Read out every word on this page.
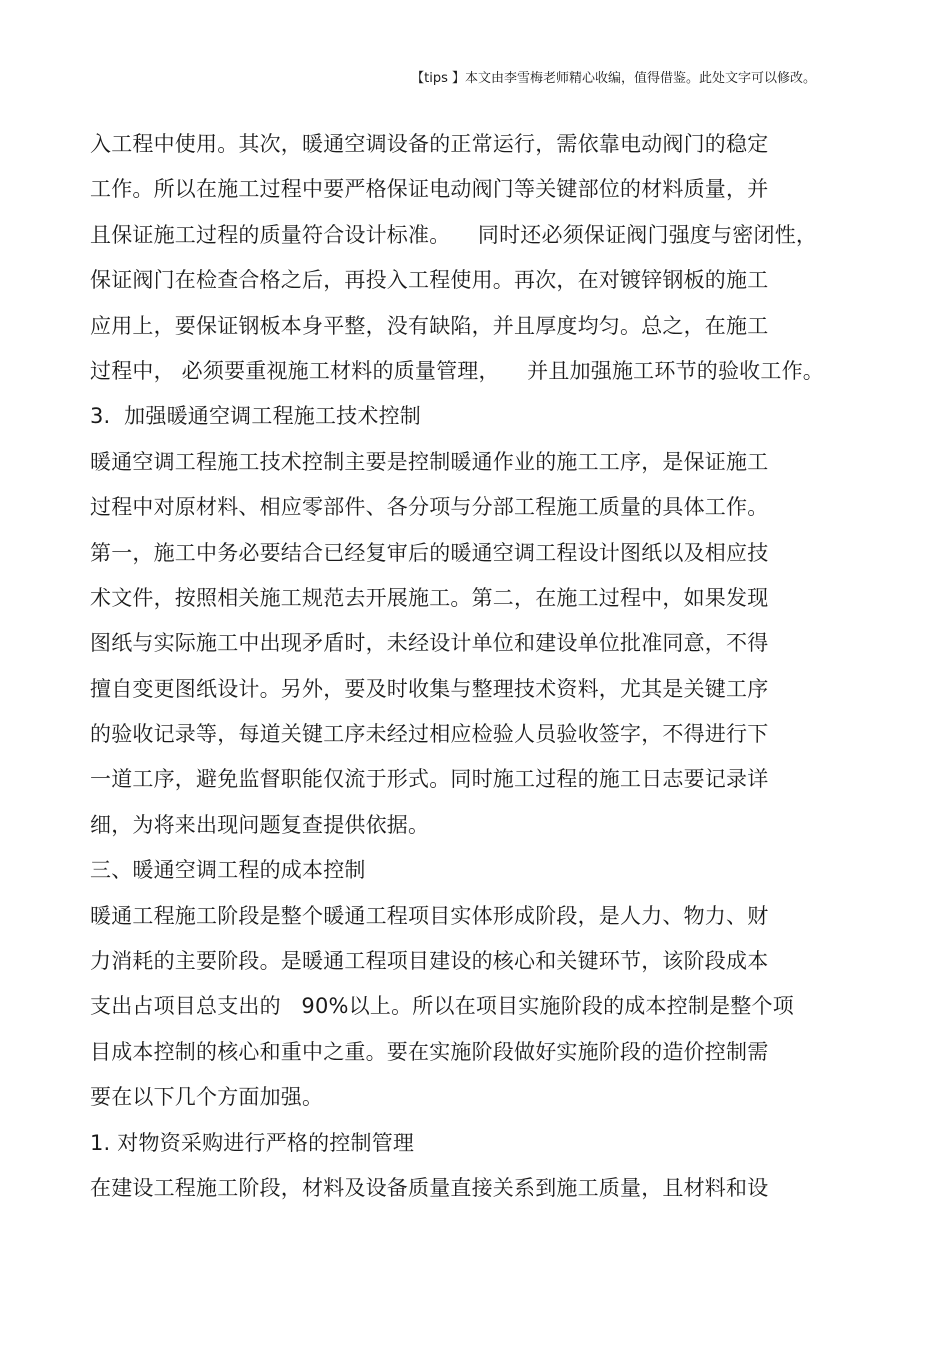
【tips 】本文由李雪梅老师精心收编，值得借鉴。此处文字可以修改。
入工程中使用。其次，暖通空调设备的正常运行，需依靠电动阀门的稳定
工作。所以在施工过程中要严格保证电动阀门等关键部位的材料质量，并
且保证施工过程的质量符合设计标准。    同时还必须保证阀门强度与密闭性，
保证阀门在检查合格之后，再投入工程使用。再次，在对镀锌钢板的施工
应用上，要保证钢板本身平整，没有缺陷，并且厚度均匀。总之，在施工
过程中， 必须要重视施工材料的质量管理，    并且加强施工环节的验收工作。
3.  加强暖通空调工程施工技术控制
暖通空调工程施工技术控制主要是控制暖通作业的施工工序，是保证施工
过程中对原材料、相应零部件、各分项与分部工程施工质量的具体工作。
第一，施工中务必要结合已经复审后的暖通空调工程设计图纸以及相应技
术文件，按照相关施工规范去开展施工。第二，在施工过程中，如果发现
图纸与实际施工中出现矛盾时，未经设计单位和建设单位批准同意，不得
擅自变更图纸设计。另外，要及时收集与整理技术资料，尤其是关键工序
的验收记录等，每道关键工序未经过相应检验人员验收签字，不得进行下
一道工序，避免监督职能仅流于形式。同时施工过程的施工日志要记录详
细，为将来出现问题复查提供依据。
三、暖通空调工程的成本控制
暖通工程施工阶段是整个暖通工程项目实体形成阶段，是人力、物力、财
力消耗的主要阶段。是暖通工程项目建设的核心和关键环节，该阶段成本
支出占项目总支出的   90%以上。所以在项目实施阶段的成本控制是整个项
目成本控制的核心和重中之重。要在实施阶段做好实施阶段的造价控制需
要在以下几个方面加强。
1. 对物资采购进行严格的控制管理
在建设工程施工阶段，材料及设备质量直接关系到施工质量，且材料和设
